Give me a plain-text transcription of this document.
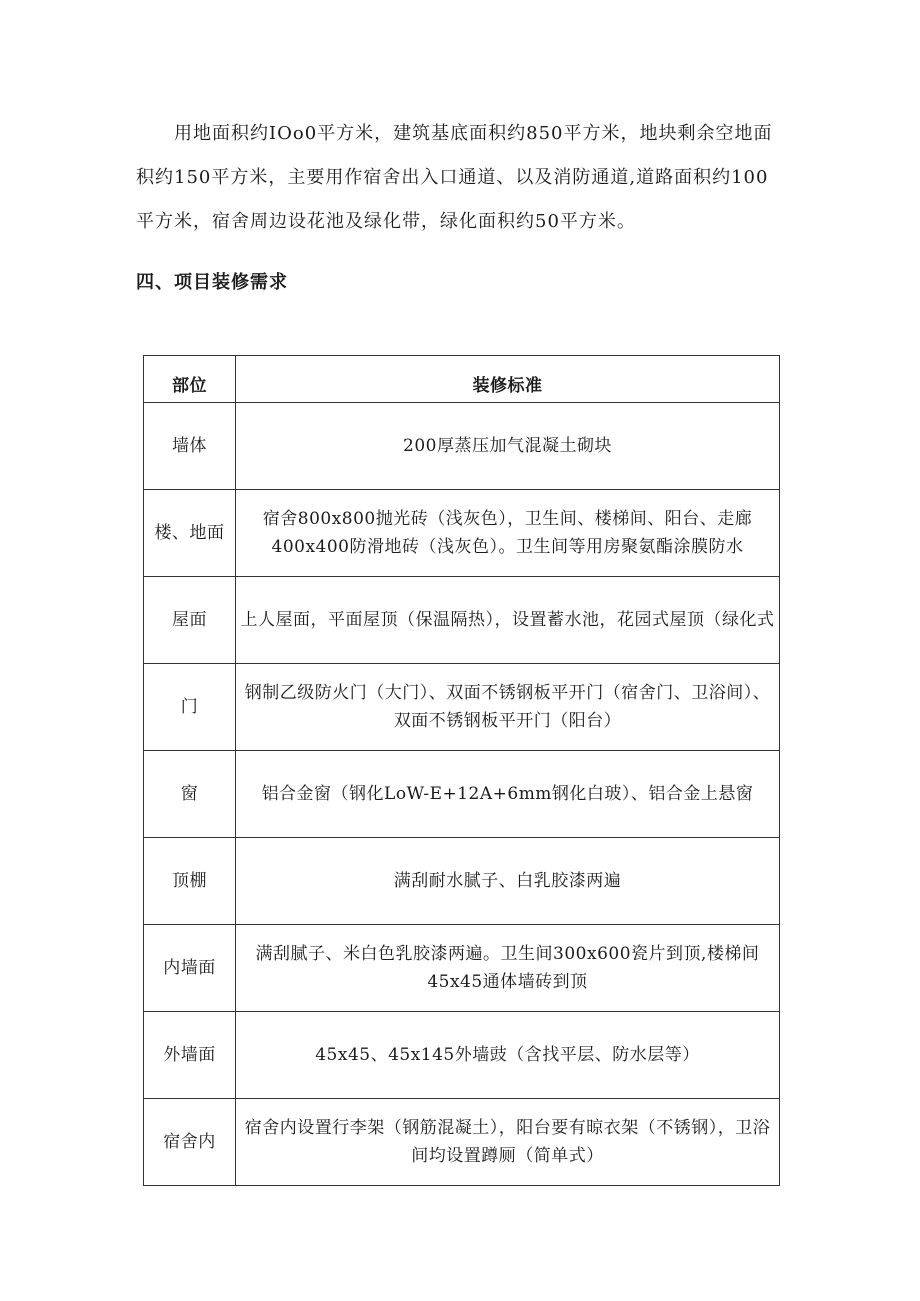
用地面积约IOo0平方米，建筑基底面积约850平方米，地块剩余空地面积约150平方米，主要用作宿舍出入口通道、以及消防通道,道路面积约100平方米，宿舍周边设花池及绿化带，绿化面积约50平方米。

四、项目装修需求
部位	装修标准
墙体	200厚蒸压加气混凝土砌块
楼、地面	宿舍800x800抛光砖（浅灰色），卫生间、楼梯间、阳台、走廊400x400防滑地砖（浅灰色）。卫生间等用房聚氨酯涂膜防水
屋面	上人屋面，平面屋顶（保温隔热），设置蓄水池，花园式屋顶（绿化式
门	钢制乙级防火门（大门）、双面不锈钢板平开门（宿舍门、卫浴间）、双面不锈钢板平开门（阳台）
窗	铝合金窗（钢化LoW-E+12A+6mm钢化白玻）、铝合金上悬窗
顶棚	满刮耐水腻子、白乳胶漆两遍
内墙面	满刮腻子、米白色乳胶漆两遍。卫生间300x600瓷片到顶,楼梯间45x45通体墙砖到顶
外墙面	45x45、45x145外墙豉（含找平层、防水层等）
宿舍内	宿舍内设置行李架（钢筋混凝土），阳台要有晾衣架（不锈钢），卫浴间均设置蹲厕（简单式）
